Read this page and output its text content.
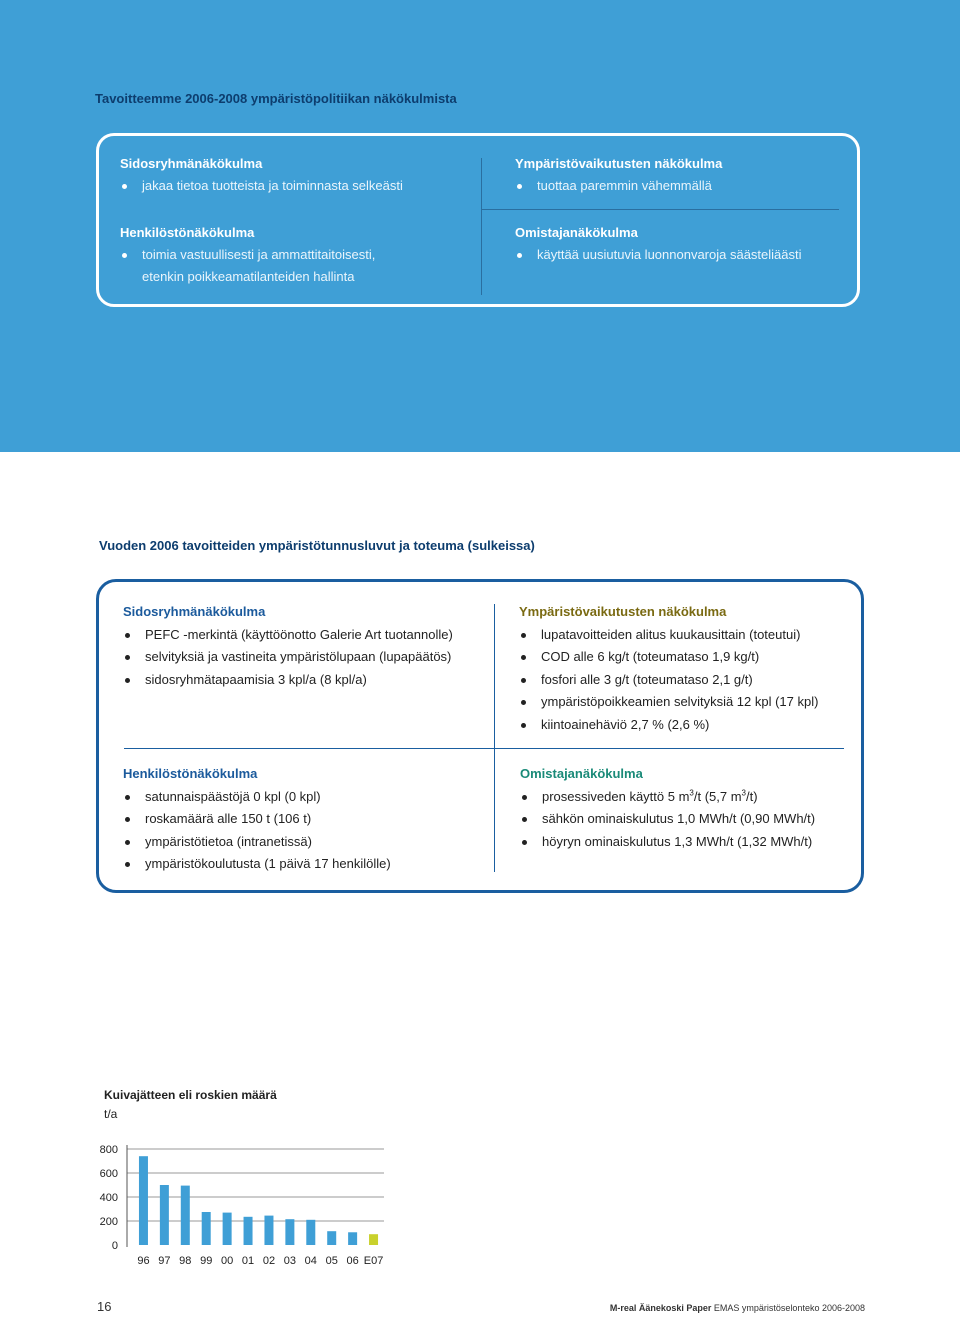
Tavoitteemme 2006-2008 ympäristöpolitiikan näkökulmista
Sidosryhmänäkökulma
jakaa tietoa tuotteista ja toiminnasta selkeästi
Ympäristövaikutusten näkökulma
tuottaa paremmin vähemmällä
Henkilöstönäkökulma
toimia vastuullisesti ja ammattitaitoisesti,
etenkin poikkeamatilanteiden hallinta
Omistajanäkökulma
käyttää uusiutuvia luonnonvaroja säästeliäästi
Vuoden 2006 tavoitteiden ympäristötunnusluvut ja toteuma (sulkeissa)
Sidosryhmänäkökulma
PEFC -merkintä (käyttöönotto Galerie Art tuotannolle)
selvityksiä ja vastineita ympäristölupaan (lupapäätös)
sidosryhmätapaamisia 3 kpl/a (8 kpl/a)
Ympäristövaikutusten näkökulma
lupatavoitteiden alitus kuukausittain (toteutui)
COD alle 6 kg/t (toteumataso 1,9 kg/t)
fosfori alle 3 g/t (toteumataso 2,1 g/t)
ympäristöpoikkeamien selvityksiä 12 kpl (17 kpl)
kiintoainehäviö 2,7 % (2,6 %)
Henkilöstönäkökulma
satunnaispäästöjä 0 kpl (0 kpl)
roskamäärä alle 150 t (106 t)
ympäristötietoa (intranetissä)
ympäristökoulutusta (1 päivä 17 henkilölle)
Omistajanäkökulma
prosessiveden käyttö 5 $m^3/t$ (5,7 $m^3/t$)
sähkön ominaiskulutus 1,0 MWh/t (0,90 MWh/t)
höyryn ominaiskulutus 1,3 MWh/t (1,32 MWh/t)
Kuivajätteen eli roskien määrä
t/a
0
200
400
600
800
96 97 98 99 00 01 02 03 04 05 06 E07
16	M-real Äänekoski Paper EMAS ympäristöselonteko 2006-2008
